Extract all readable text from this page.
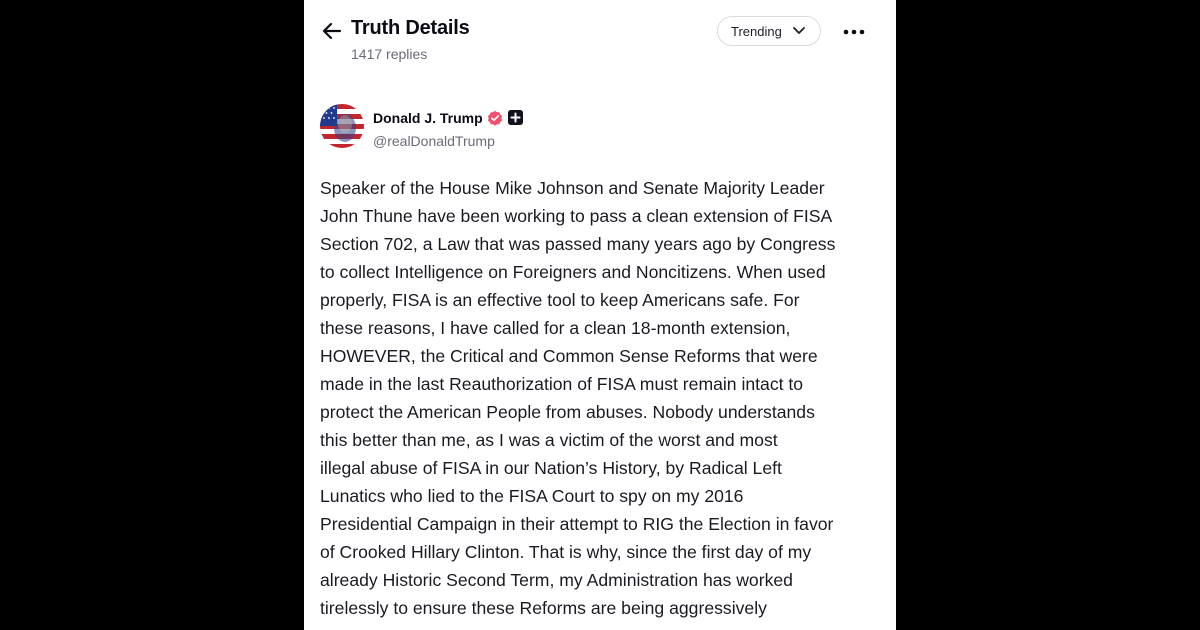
Truth Details
1417 replies
Trending
Donald J. Trump
@realDonaldTrump

Speaker of the House Mike Johnson and Senate Majority Leader
John Thune have been working to pass a clean extension of FISA
Section 702, a Law that was passed many years ago by Congress
to collect Intelligence on Foreigners and Noncitizens. When used
properly, FISA is an effective tool to keep Americans safe. For
these reasons, I have called for a clean 18-month extension,
HOWEVER, the Critical and Common Sense Reforms that were
made in the last Reauthorization of FISA must remain intact to
protect the American People from abuses. Nobody understands
this better than me, as I was a victim of the worst and most
illegal abuse of FISA in our Nation’s History, by Radical Left
Lunatics who lied to the FISA Court to spy on my 2016
Presidential Campaign in their attempt to RIG the Election in favor
of Crooked Hillary Clinton. That is why, since the first day of my
already Historic Second Term, my Administration has worked
tirelessly to ensure these Reforms are being aggressively
